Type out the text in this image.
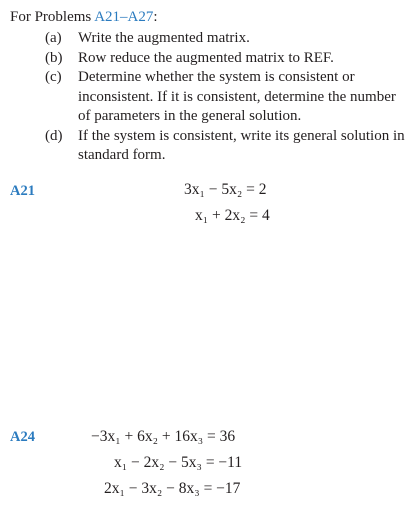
For Problems A21–A27:
(a)	Write the augmented matrix.
(b)	Row reduce the augmented matrix to REF.
(c)	Determine whether the system is consistent or inconsistent. If it is consistent, determine the number of parameters in the general solution.
(d)	If the system is consistent, write its general solution in standard form.
A21	3x₁ − 5x₂ = 2
x₁ + 2x₂ = 4
A24	−3x₁ + 6x₂ + 16x₃ = 36
x₁ − 2x₂ − 5x₃ = −11
2x₁ − 3x₂ − 8x₃ = −17
